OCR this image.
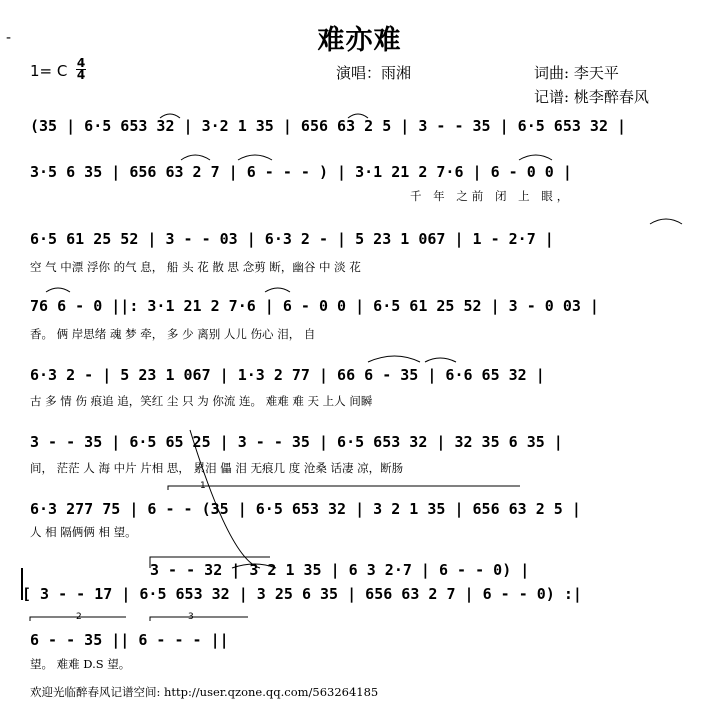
-	难亦难
1= C 4
4	演唱：雨湘	词曲: 李天平
记谱: 桃李醉春风
(35 | 6·5 653 32 | 3·2 1 35 | 656 63 2 5 | 3 - - 35 | 6·5 653 32 |
3·5 6 35 | 656 63 2 7 | 6 - - - ) | 3·1 21 2 7·6 | 6 - 0 0 |
千 年 之前 闭 上 眼，
6·5 61 25 52 | 3 - - 03 | 6·3 2 - | 5 23 1 067 | 1 - 2·7 |
空 气 中漂 浮你 的气 息， 船 头 花 散 思 念剪 断，幽谷 中 淡 花
76 6 - 0 ||: 3·1 21 2 7·6 | 6 - 0 0 | 6·5 61 25 52 | 3 - 0 03 |
香。 俩 岸思绪 魂 梦 牵， 多 少 离别 人儿 伤心 泪， 自
6·3 2 - | 5 23 1 067 | 1·3 2 77 | 66 6 - 35 | 6·6 65 32 |
古 多 情 伤 痕追 追，笑红 尘 只 为 你流 连。 难难 难 天 上人 间瞬
3 - - 35 | 6·5 65 25 | 3 - - 35 | 6·5 653 32 | 32 35 6 35 |
间， 茫茫 人 海 中片 片相 思， 累泪 儡 泪 无痕几 度 沧桑 话凄 凉，断肠
6·3 277 75 | 6 - - (35 | 6·5 653 32 | 3 2 1 35 | 656 63 2 5 |
人 相 隔俩俩 相 望。
3 - - 32 | 3 2 1 35 | 6 3 2·7 | 6 - - 0) |
[ 3 - - 17 | 6·5 653 32 | 3 25 6 35 | 656 63 2 7 | 6 - - 0) :|
6 - - 35 || 6 - - - ||
望。 难难 D.S 望。
1
2	3
欢迎光临醉春风记谱空间: http://user.qzone.qq.com/563264185
